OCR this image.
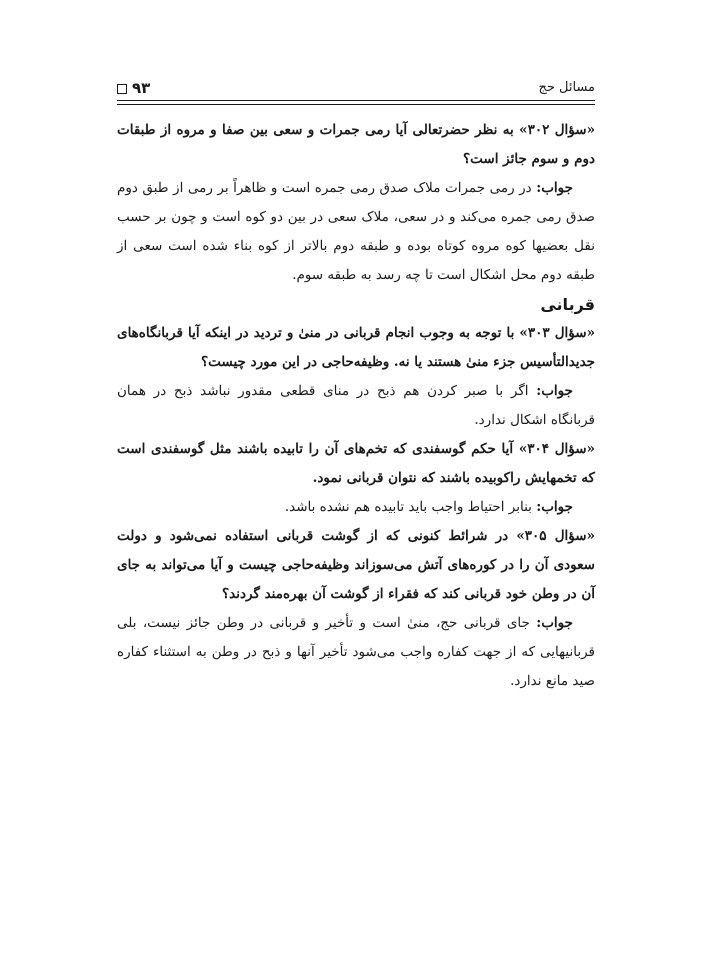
مسائل حج
۹۳

«سؤال ۳۰۲» به نظر حضرتعالی آیا رمی جمرات و سعی بین صفا و مروه از طبقات دوم و سوم جائز است؟

جواب: در رمی جمرات ملاک صدق رمی جمره است و ظاهراً بر رمی از طبق دوم صدق رمی جمره می‌کند و در سعی، ملاک سعی در بین دو کوه است و چون بر حسب نقل بعضیها کوه مروه کوتاه بوده و طبقه دوم بالاتر از کوه بناء شده است سعی از طبقه دوم محل اشکال است تا چه رسد به طبقه سوم.

قربانی

«سؤال ۳۰۳» با توجه به وجوب انجام قربانی در منیٰ و تردید در اینکه آیا قربانگاه‌های جدیدالتأسیس جزء منیٰ هستند یا نه. وظیفه‌حاجی در این مورد چیست؟

جواب: اگر با صبر کردن هم ذبح در منای قطعی مقدور نباشد ذبح در همان قربانگاه اشکال ندارد.

«سؤال ۳۰۴» آیا حکم گوسفندی که تخم‌های آن را تابیده باشند مثل گوسفندی است که تخمهایش راکوبیده باشند که نتوان قربانی نمود.

جواب: بنابر احتیاط واجب باید تابیده هم نشده باشد.

«سؤال ۳۰۵» در شرائط کنونی که از گوشت قربانی استفاده نمی‌شود و دولت سعودی آن را در کوره‌های آتش می‌سوزاند وظیفه‌حاجی چیست و آیا می‌تواند به جای آن در وطن خود قربانی کند که فقراء از گوشت آن بهره‌مند گردند؟

جواب: جای قربانی حج، منیٰ است و تأخیر و قربانی در وطن جائز نیست، بلی قربانیهایی که از جهت کفاره واجب می‌شود تأخیر آنها و ذبح در وطن به استثناء کفاره صید مانع ندارد.
